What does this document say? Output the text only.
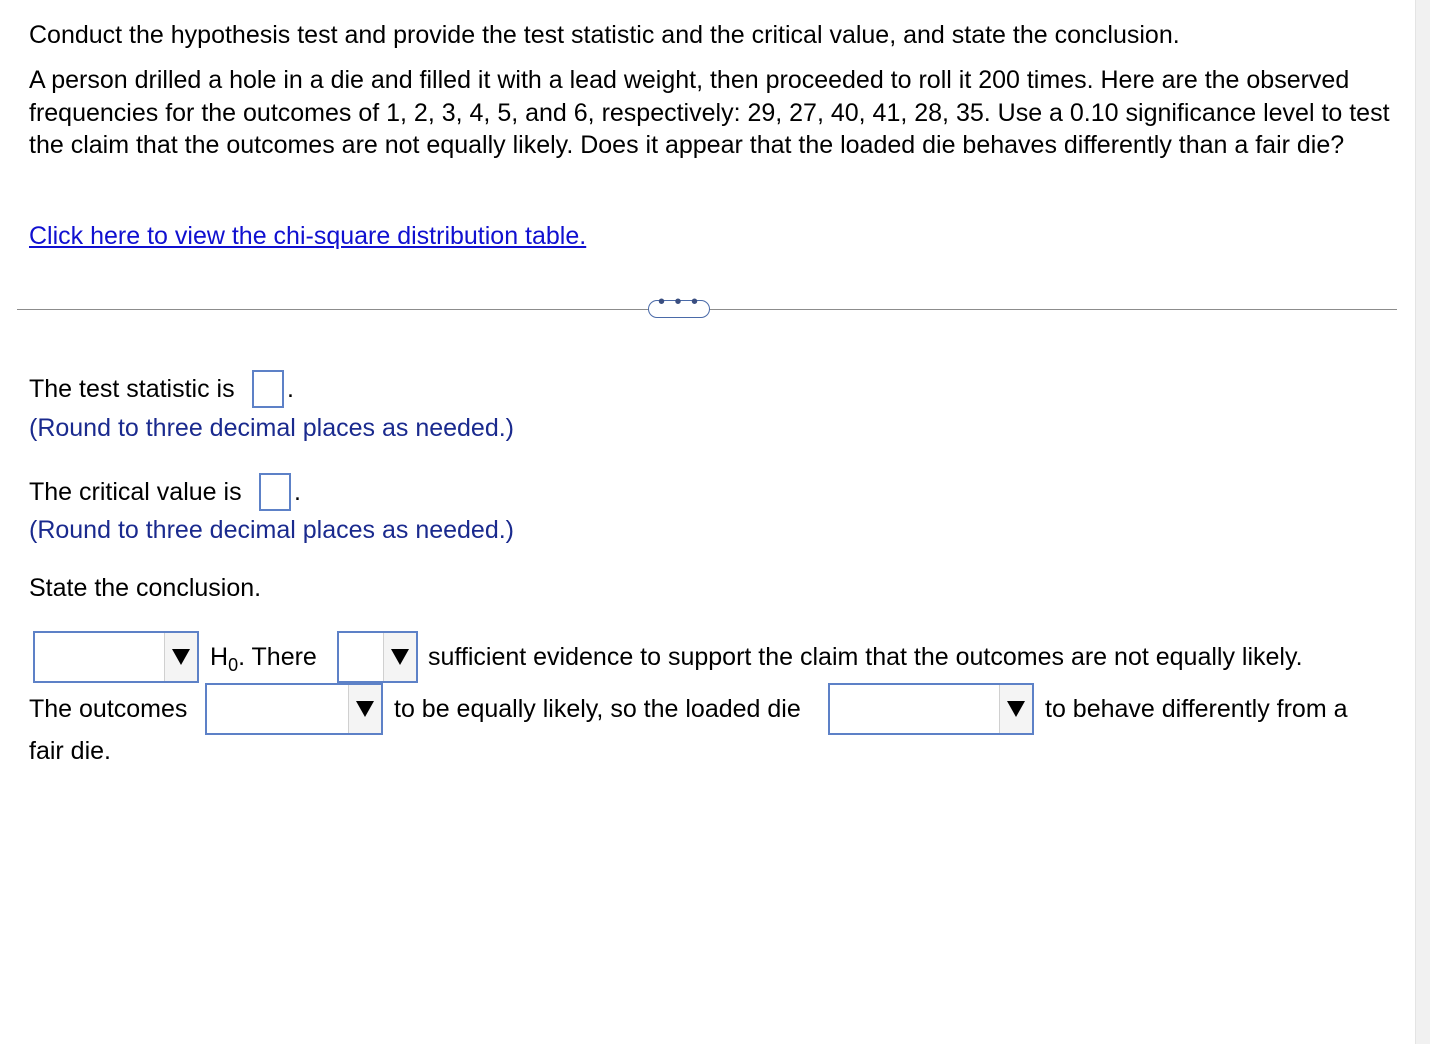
Conduct the hypothesis test and provide the test statistic and the critical value, and state the conclusion.
A person drilled a hole in a die and filled it with a lead weight, then proceeded to roll it 200 times. Here are the observed frequencies for the outcomes of 1, 2, 3, 4, 5, and 6, respectively: 29, 27, 40, 41, 28, 35. Use a 0.10 significance level to test the claim that the outcomes are not equally likely. Does it appear that the loaded die behaves differently than a fair die?
Click here to view the chi-square distribution table.
• • •
The test statistic is .
(Round to three decimal places as needed.)
The critical value is .
(Round to three decimal places as needed.)
State the conclusion.
$H_0$. There	sufficient evidence to support the claim that the outcomes are not equally likely.
The outcomes	to be equally likely, so the loaded die	to behave differently from a
fair die.
